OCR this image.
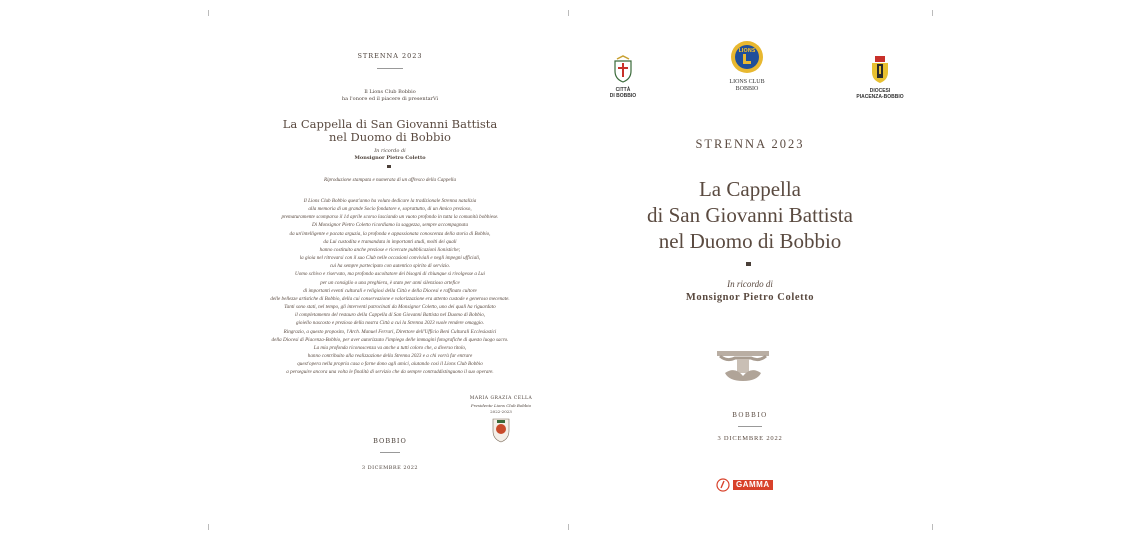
STRENNA 2023
Il Lions Club Bobbio
ha l'onore ed il piacere di presentarVi
La Cappella di San Giovanni Battista
nel Duomo di Bobbio
In ricordo di
Monsignor Pietro Coletto
Riproduzione stampata e numerata di un affresco della Cappella
Il Lions Club Bobbio quest'anno ha voluto dedicare la tradizionale Strenna natalizia
alla memoria di un grande Socio fondatore e, soprattutto, di un Amico prezioso,
prematuramente scomparso il 14 aprile scorso lasciando un vuoto profondo in tutta la comunità bobbiese.
Di Monsignor Pietro Coletto ricordiamo la saggezza, sempre accompagnata
da un'intelligente e pacata arguzia, la profonda e appassionata conoscenza della storia di Bobbio,
da Lui custodita e tramandata in importanti studi, molti dei quali
hanno costituito anche preziose e ricercate pubblicazioni lionistiche;
la gioia nel ritrovarsi con il suo Club nelle occasioni conviviali e negli impegni ufficiali,
cui ha sempre partecipato con autentico spirito di servizio.
Uomo schivo e riservato, ma profondo ascoltatore dei bisogni di chiunque si rivolgesse a Lui
per un consiglio o una preghiera, è stato per anni silenzioso artefice
di importanti eventi culturali e religiosi della Città e della Diocesi e raffinato cultore
delle bellezze artistiche di Bobbio, della cui conservazione e valorizzazione era attento custode e generoso mecenate.
Tanti sono stati, nel tempo, gli interventi patrocinati da Monsignor Coletto, uno dei quali ha riguardato
il completamento del restauro della Cappella di San Giovanni Battista nel Duomo di Bobbio,
gioiello nascosto e prezioso della nostra Città a cui la Strenna 2023 vuole rendere omaggio.
Ringrazio, a questo proposito, l'Arch. Manuel Ferrari, Direttore dell'Ufficio Beni Culturali Ecclesiastici
della Diocesi di Piacenza-Bobbio, per aver autorizzato l'impiego delle immagini fotografiche di questo luogo sacro.
La mia profonda riconoscenza va anche a tutti coloro che, a diverso titolo,
hanno contribuito alla realizzazione della Strenna 2023 e a chi vorrà far entrare
quest'opera nella propria casa o farne dono agli amici, aiutando così il Lions Club Bobbio
a perseguire ancora una volta le finalità di servizio che da sempre contraddistinguono il suo operare.
MARIA GRAZIA CELLA
Presidente Lions Club Bobbio
2022-2023
BOBBIO
3 DICEMBRE 2022
CITTÀ
DI BOBBIO
LIONS
LIONS CLUB
BOBBIO	DIOCESI
PIACENZA-BOBBIO
STRENNA 2023
La Cappella
di San Giovanni Battista
nel Duomo di Bobbio
In ricordo di
Monsignor Pietro Coletto
BOBBIO
3 DICEMBRE 2022
GAMMA
